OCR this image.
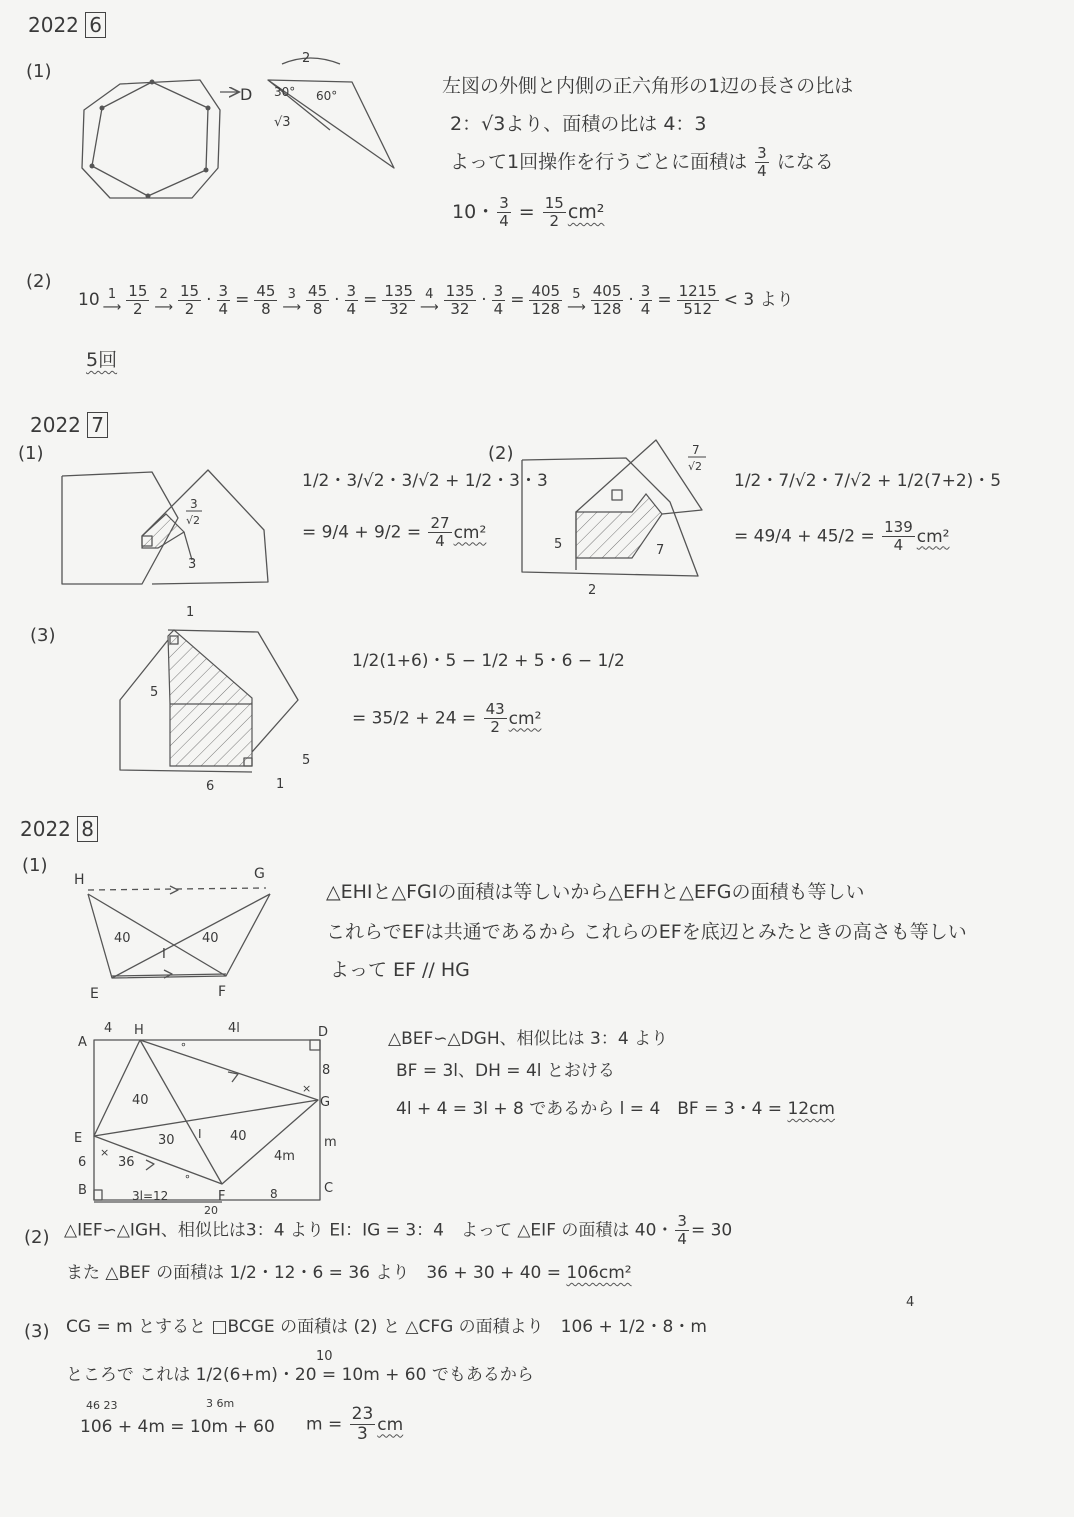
2022 6
(1)
D
2
30° 60°
√3
左図の外側と内側の正六角形の1辺の長さの比は
2：√3より、面積の比は 4：3
よって1回操作を行うごとに面積は $\frac{3}{4}$ になる
10・ $\frac{3}{4} = \frac{15}{2} cm^2$
(2)
10 1
⟶ $\frac{15}{2} 2$
⟶ $\frac{15}{2} \cdot \frac{3}{4} = \frac{45}{8} 3$
⟶ $\frac{45}{8} \cdot \frac{3}{4} = \frac{135}{32} 4$
⟶ $\frac{135}{32} \cdot \frac{3}{4} = \frac{405}{128} 5$
⟶ $\frac{405}{128} \cdot \frac{3}{4} = \frac{1215}{512} < 3$ より
5回
2022 7
(1)
3
√2
3
1/2・3/√2・3/√2 + 1/2・3・3
= $9/4 + 9/2 = \frac{27}{4} cm^2$
(2)	7
√2
7
5
2
1/2・7/√2・7/√2 + 1/2(7+2)・5
= $49/4 + 45/2 = \frac{139}{4} cm^2$
(3)
1
5
6
5
1
1/2(1+6)・5 − 1/2 + 5・6 − 1/2
= $35/2 + 24 = \frac{43}{2} cm^2$
2022 8
(1)
H	G
E	F
I
40	40
△EHIと△FGIの面積は等しいから△EFHと△EFGの面積も等しい
これらでEFは共通であるから これらのEFを底辺とみたときの高さも等しい
よって EF // HG
A
H
4	4l	D
8
G
m
C
E
6
B	F
I
40
30	40
4m
36
×
×
∘
∘
3l=12	8
20
△BEF∽△DGH、相似比は 3：4 より
BF = 3l、DH = 4l とおける
4l + 4 = 3l + 8 であるから l = 4　BF = 3・4 = 12cm
(2) △IEF∽△IGH、相似比は3：4 より EI：IG = 3：4　よって △EIF の面積は 40・ $\frac{3}{4} = 30$
また △BEF の面積は 1/2・12・6 = 36 より　36 + 30 + 40 = 106cm²
(3)
4
CG = m とすると □BCGE の面積は (2) と △CFG の面積より　106 + 1/2・8・m
10
ところで これは 1/2(6+m)・20 = 10m + 60 でもあるから
46 23	3 6m
106 + 4m = 10m + 60 $m = \frac{23}{3}$ cm
